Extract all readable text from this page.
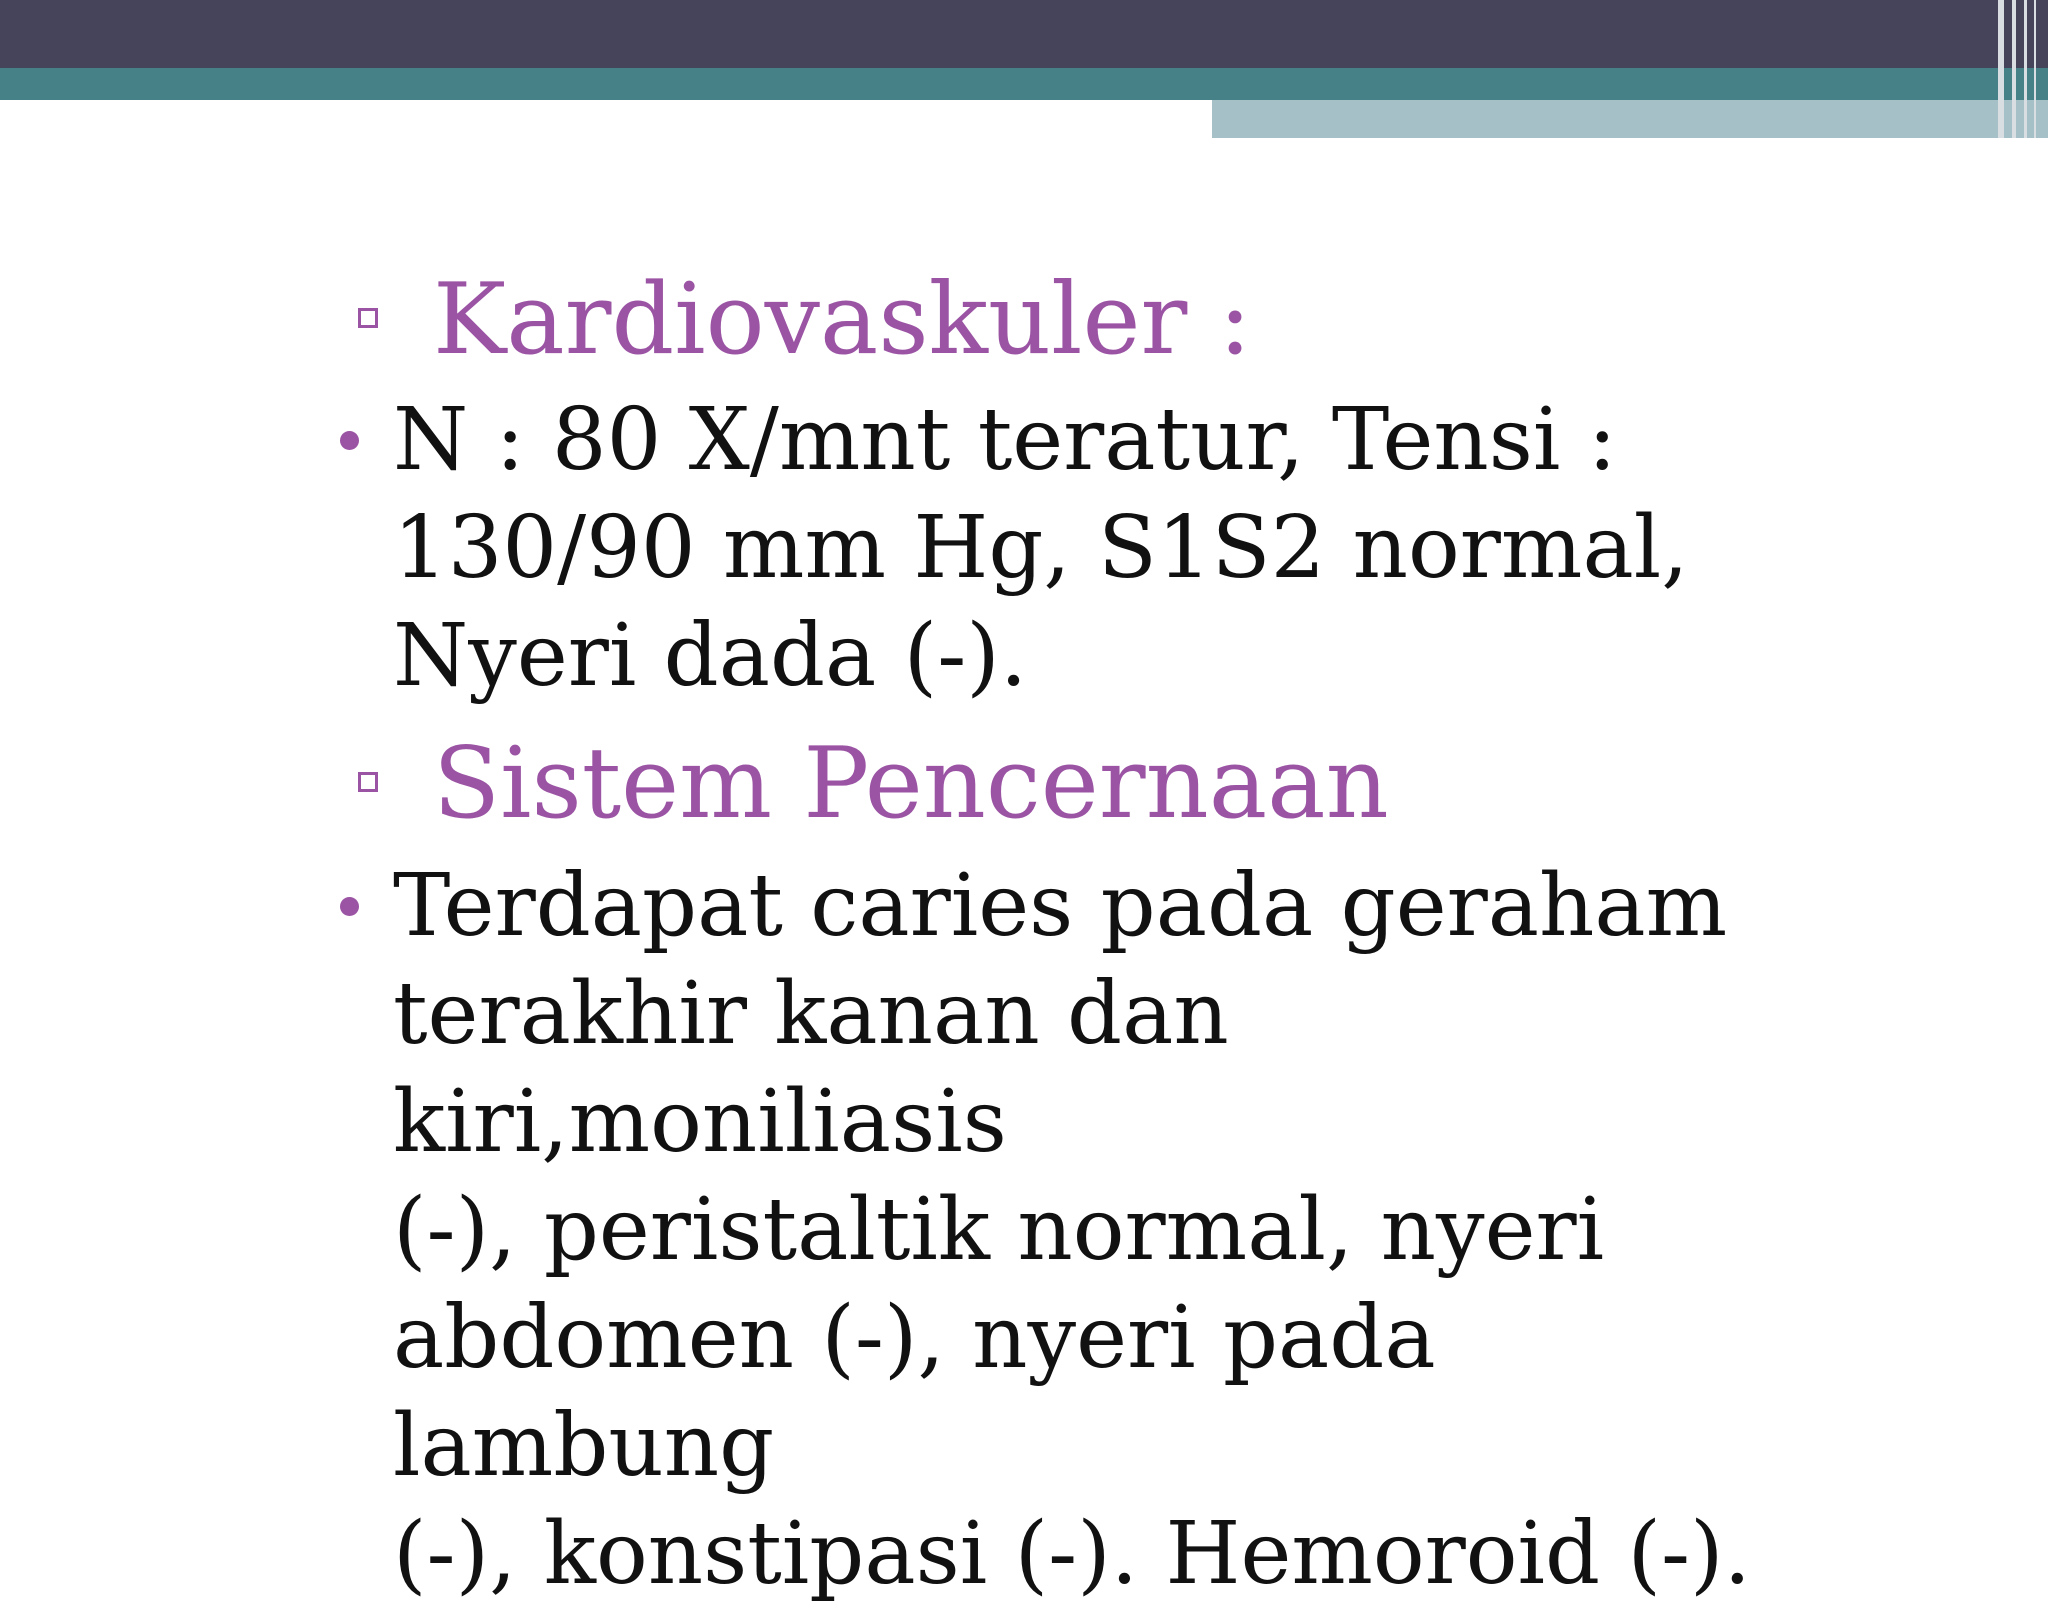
Kardiovaskuler :
N : 80 X/mnt teratur, Tensi :
130/90 mm Hg, S1S2 normal,
Nyeri dada (-).
Sistem Pencernaan
Terdapat caries pada geraham
terakhir kanan dan kiri,moniliasis
(-), peristaltik normal, nyeri
abdomen (-), nyeri pada lambung
(-), konstipasi (-). Hemoroid (-).
